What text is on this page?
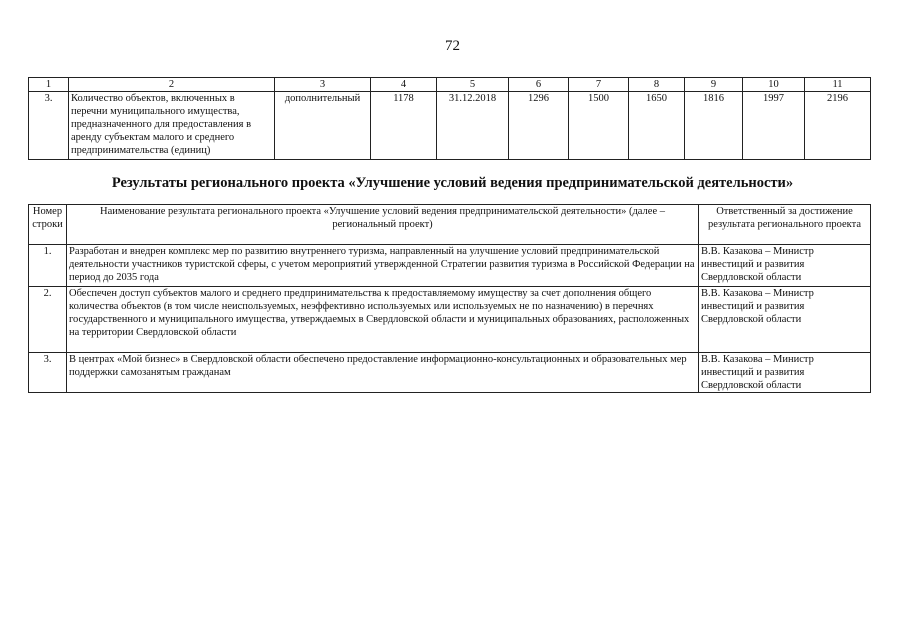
72
1	2	3	4	5	6	7	8	9	10	11
3.	Количество объектов, включенных в перечни муниципального имущества, предназначенного для предоставления в аренду субъектам малого и среднего предпринимательства (единиц)	дополнительный	1178	31.12.2018	1296	1500	1650	1816	1997	2196
Результаты регионального проекта «Улучшение условий ведения предпринимательской деятельности»
Номер строки	Наименование результата регионального проекта «Улучшение условий ведения предпринимательской деятельности» (далее – региональный проект)	Ответственный за достижение результата регионального проекта
1.	Разработан и внедрен комплекс мер по развитию внутреннего туризма, направленный на улучшение условий предпринимательской деятельности участников туристской сферы, с учетом мероприятий утвержденной Стратегии развития туризма в Российской Федерации на период до 2035 года	В.В. Казакова – Министр инвестиций и развития Свердловской области
2.	Обеспечен доступ субъектов малого и среднего предпринимательства к предоставляемому имуществу за счет дополнения общего количества объектов (в том числе неиспользуемых, неэффективно используемых или используемых не по назначению) в перечнях государственного и муниципального имущества, утверждаемых в Свердловской области и муниципальных образованиях, расположенных на территории Свердловской области	В.В. Казакова – Министр инвестиций и развития Свердловской области
3.	В центрах «Мой бизнес» в Свердловской области обеспечено предоставление информационно-консультационных и образовательных мер поддержки самозанятым гражданам	В.В. Казакова – Министр инвестиций и развития Свердловской области
